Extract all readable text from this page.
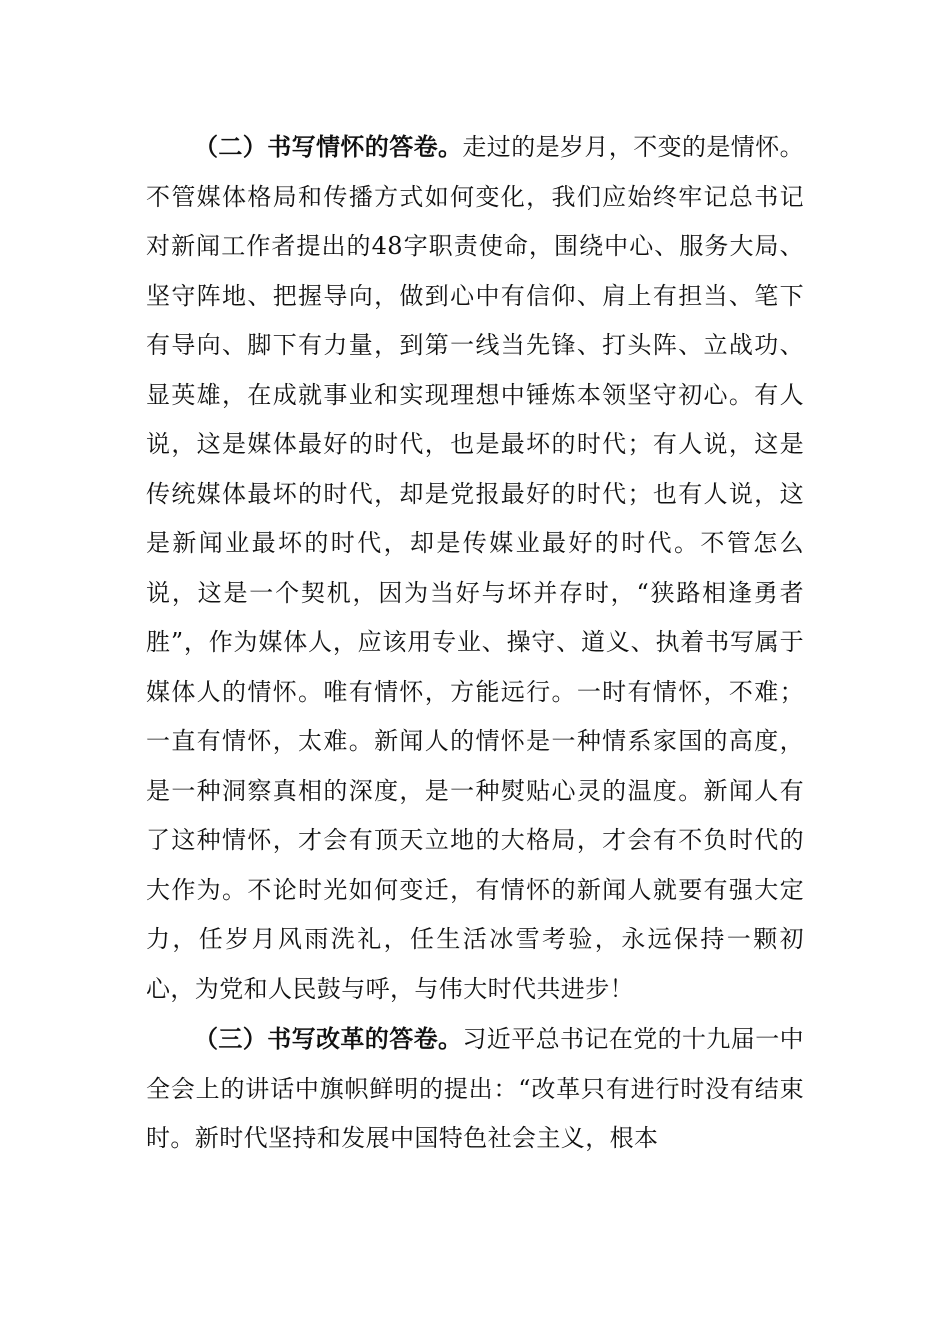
（二）书写情怀的答卷。走过的是岁月，不变的是情怀。不管媒体格局和传播方式如何变化，我们应始终牢记总书记对新闻工作者提出的48字职责使命，围绕中心、服务大局、坚守阵地、把握导向，做到心中有信仰、肩上有担当、笔下有导向、脚下有力量，到第一线当先锋、打头阵、立战功、显英雄，在成就事业和实现理想中锤炼本领坚守初心。有人说，这是媒体最好的时代，也是最坏的时代；有人说，这是传统媒体最坏的时代，却是党报最好的时代；也有人说，这是新闻业最坏的时代，却是传媒业最好的时代。不管怎么说，这是一个契机，因为当好与坏并存时，“狭路相逢勇者胜”，作为媒体人，应该用专业、操守、道义、执着书写属于媒体人的情怀。唯有情怀，方能远行。一时有情怀，不难；一直有情怀，太难。新闻人的情怀是一种情系家国的高度，是一种洞察真相的深度，是一种熨贴心灵的温度。新闻人有了这种情怀，才会有顶天立地的大格局，才会有不负时代的大作为。不论时光如何变迁，有情怀的新闻人就要有强大定力，任岁月风雨洗礼，任生活冰雪考验，永远保持一颗初心，为党和人民鼓与呼，与伟大时代共进步！

（三）书写改革的答卷。习近平总书记在党的十九届一中全会上的讲话中旗帜鲜明的提出：“改革只有进行时没有结束时。新时代坚持和发展中国特色社会主义，根本
